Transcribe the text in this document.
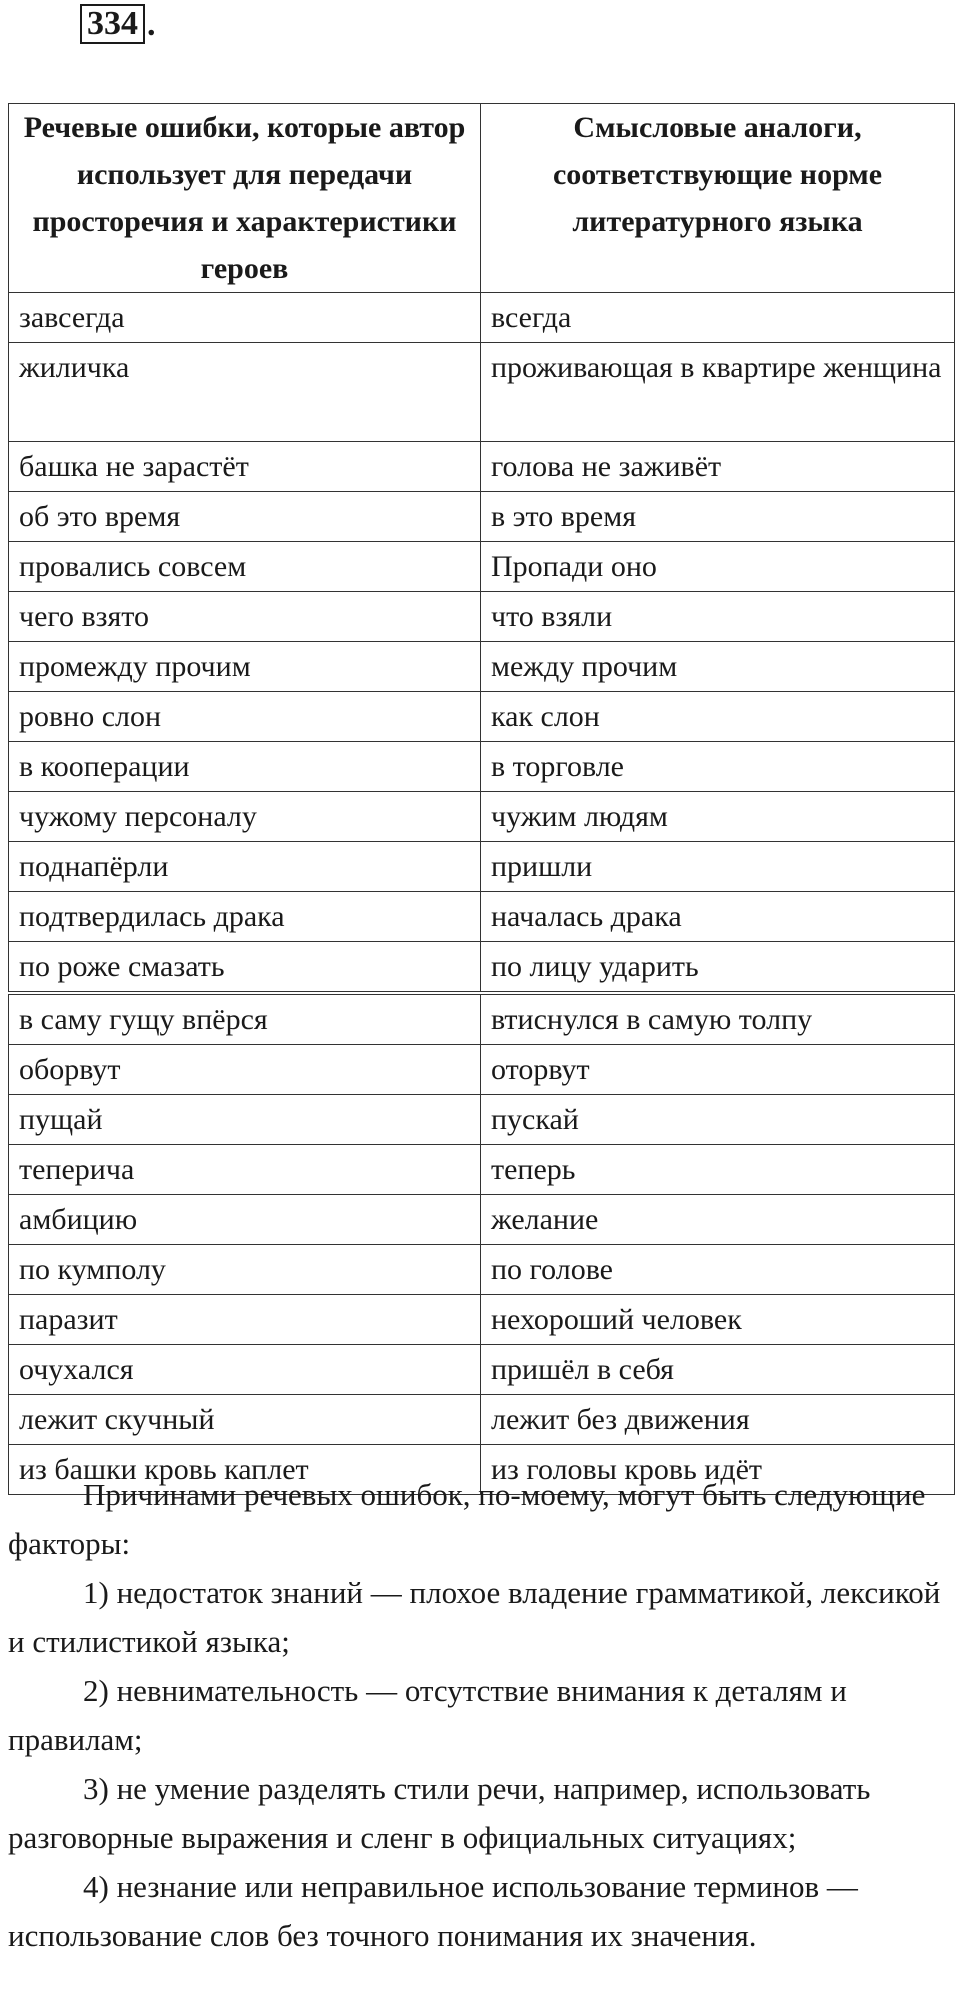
334 .
Речевые ошибки, которые автор использует для передачи просторечия и характеристики героев	Смысловые аналоги, соответствующие норме литературного языка
завсегда	всегда
жиличка	проживающая в квартире женщина
башка не зарастёт	голова не заживёт
об это время	в это время
провались совсем	Пропади оно
чего взято	что взяли
промежду прочим	между прочим
ровно слон	как слон
в кооперации	в торговле
чужому персоналу	чужим людям
поднапёрли	пришли
подтвердилась драка	началась драка
по роже смазать	по лицу ударить
в саму гущу впёрся	втиснулся в самую толпу
оборвут	оторвут
пущай	пускай
теперича	теперь
амбицию	желание
по кумполу	по голове
паразит	нехороший человек
очухался	пришёл в себя
лежит скучный	лежит без движения
из башки кровь каплет	из головы кровь идёт

Причинами речевых ошибок, по-моему, могут быть следующие факторы:

1) недостаток знаний — плохое владение грамматикой, лексикой и стилистикой языка;

2) невнимательность — отсутствие внимания к деталям и правилам;

3) не умение разделять стили речи, например, использовать разговорные выражения и сленг в официальных ситуациях;

4) незнание или неправильное использование терминов — использование слов без точного понимания их значения.
